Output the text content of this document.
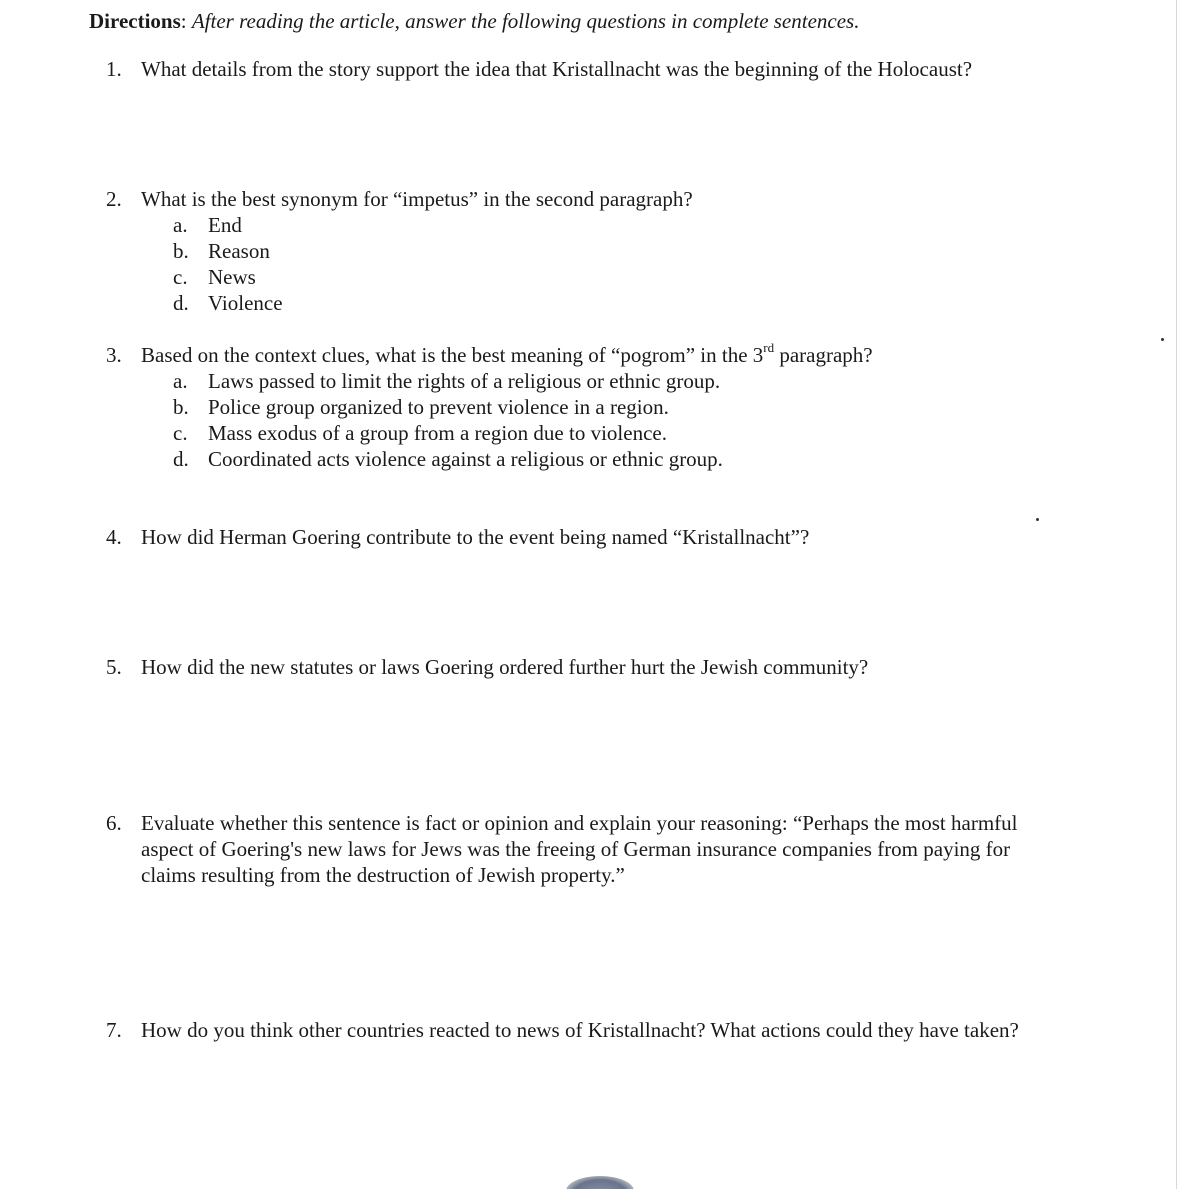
Directions: After reading the article, answer the following questions in complete sentences.
1. What details from the story support the idea that Kristallnacht was the beginning of the Holocaust?
2. What is the best synonym for “impetus” in the second paragraph?
a. End
b. Reason
c. News
d. Violence
3. Based on the context clues, what is the best meaning of “pogrom” in the 3rd paragraph?
a. Laws passed to limit the rights of a religious or ethnic group.
b. Police group organized to prevent violence in a region.
c. Mass exodus of a group from a region due to violence.
d. Coordinated acts violence against a religious or ethnic group.
4. How did Herman Goering contribute to the event being named “Kristallnacht”?
5. How did the new statutes or laws Goering ordered further hurt the Jewish community?
6. Evaluate whether this sentence is fact or opinion and explain your reasoning: “Perhaps the most harmful aspect of Goering's new laws for Jews was the freeing of German insurance companies from paying for claims resulting from the destruction of Jewish property.”
7. How do you think other countries reacted to news of Kristallnacht? What actions could they have taken?
